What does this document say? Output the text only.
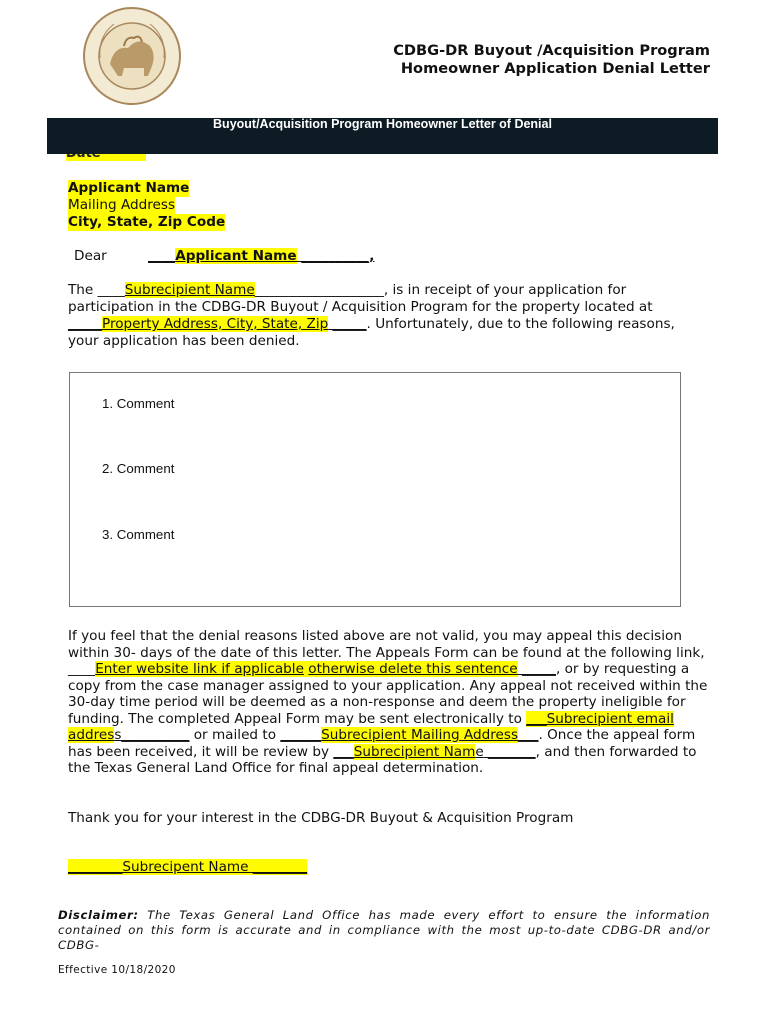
CDBG-DR Buyout /Acquisition Program
Homeowner Application Denial Letter
Buyout/Acquisition Program Homeowner Letter of Denial
Applicant Name
Mailing Address
City, State, Zip Code
Dear	____Applicant Name __________,
The ____Subrecipient Name___________________, is in receipt of your application for participation in the CDBG-DR Buyout / Acquisition Program for the property located at _____Property Address, City, State, Zip _____. Unfortunately, due to the following reasons, your application has been denied.
1. Comment
2. Comment
3. Comment
If you feel that the denial reasons listed above are not valid, you may appeal this decision within 30- days of the date of this letter. The Appeals Form can be found at the following link, ____Enter website link if applicable otherwise delete this sentence _____, or by requesting a copy from the case manager assigned to your application. Any appeal not received within the 30-day time period will be deemed as a non-response and deem the property ineligible for funding. The completed Appeal Form may be sent electronically to ___Subrecipient email address__________ or mailed to ______Subrecipient Mailing Address___. Once the appeal form has been received, it will be review by ___Subrecipient Name _______, and then forwarded to the Texas General Land Office for final appeal determination.
Thank you for your interest in the CDBG-DR Buyout & Acquisition Program
________Subrecipent Name ________
Disclaimer: The Texas General Land Office has made every effort to ensure the information contained on this form is accurate and in compliance with the most up-to-date CDBG-DR and/or CDBG-
Effective 10/18/2020
